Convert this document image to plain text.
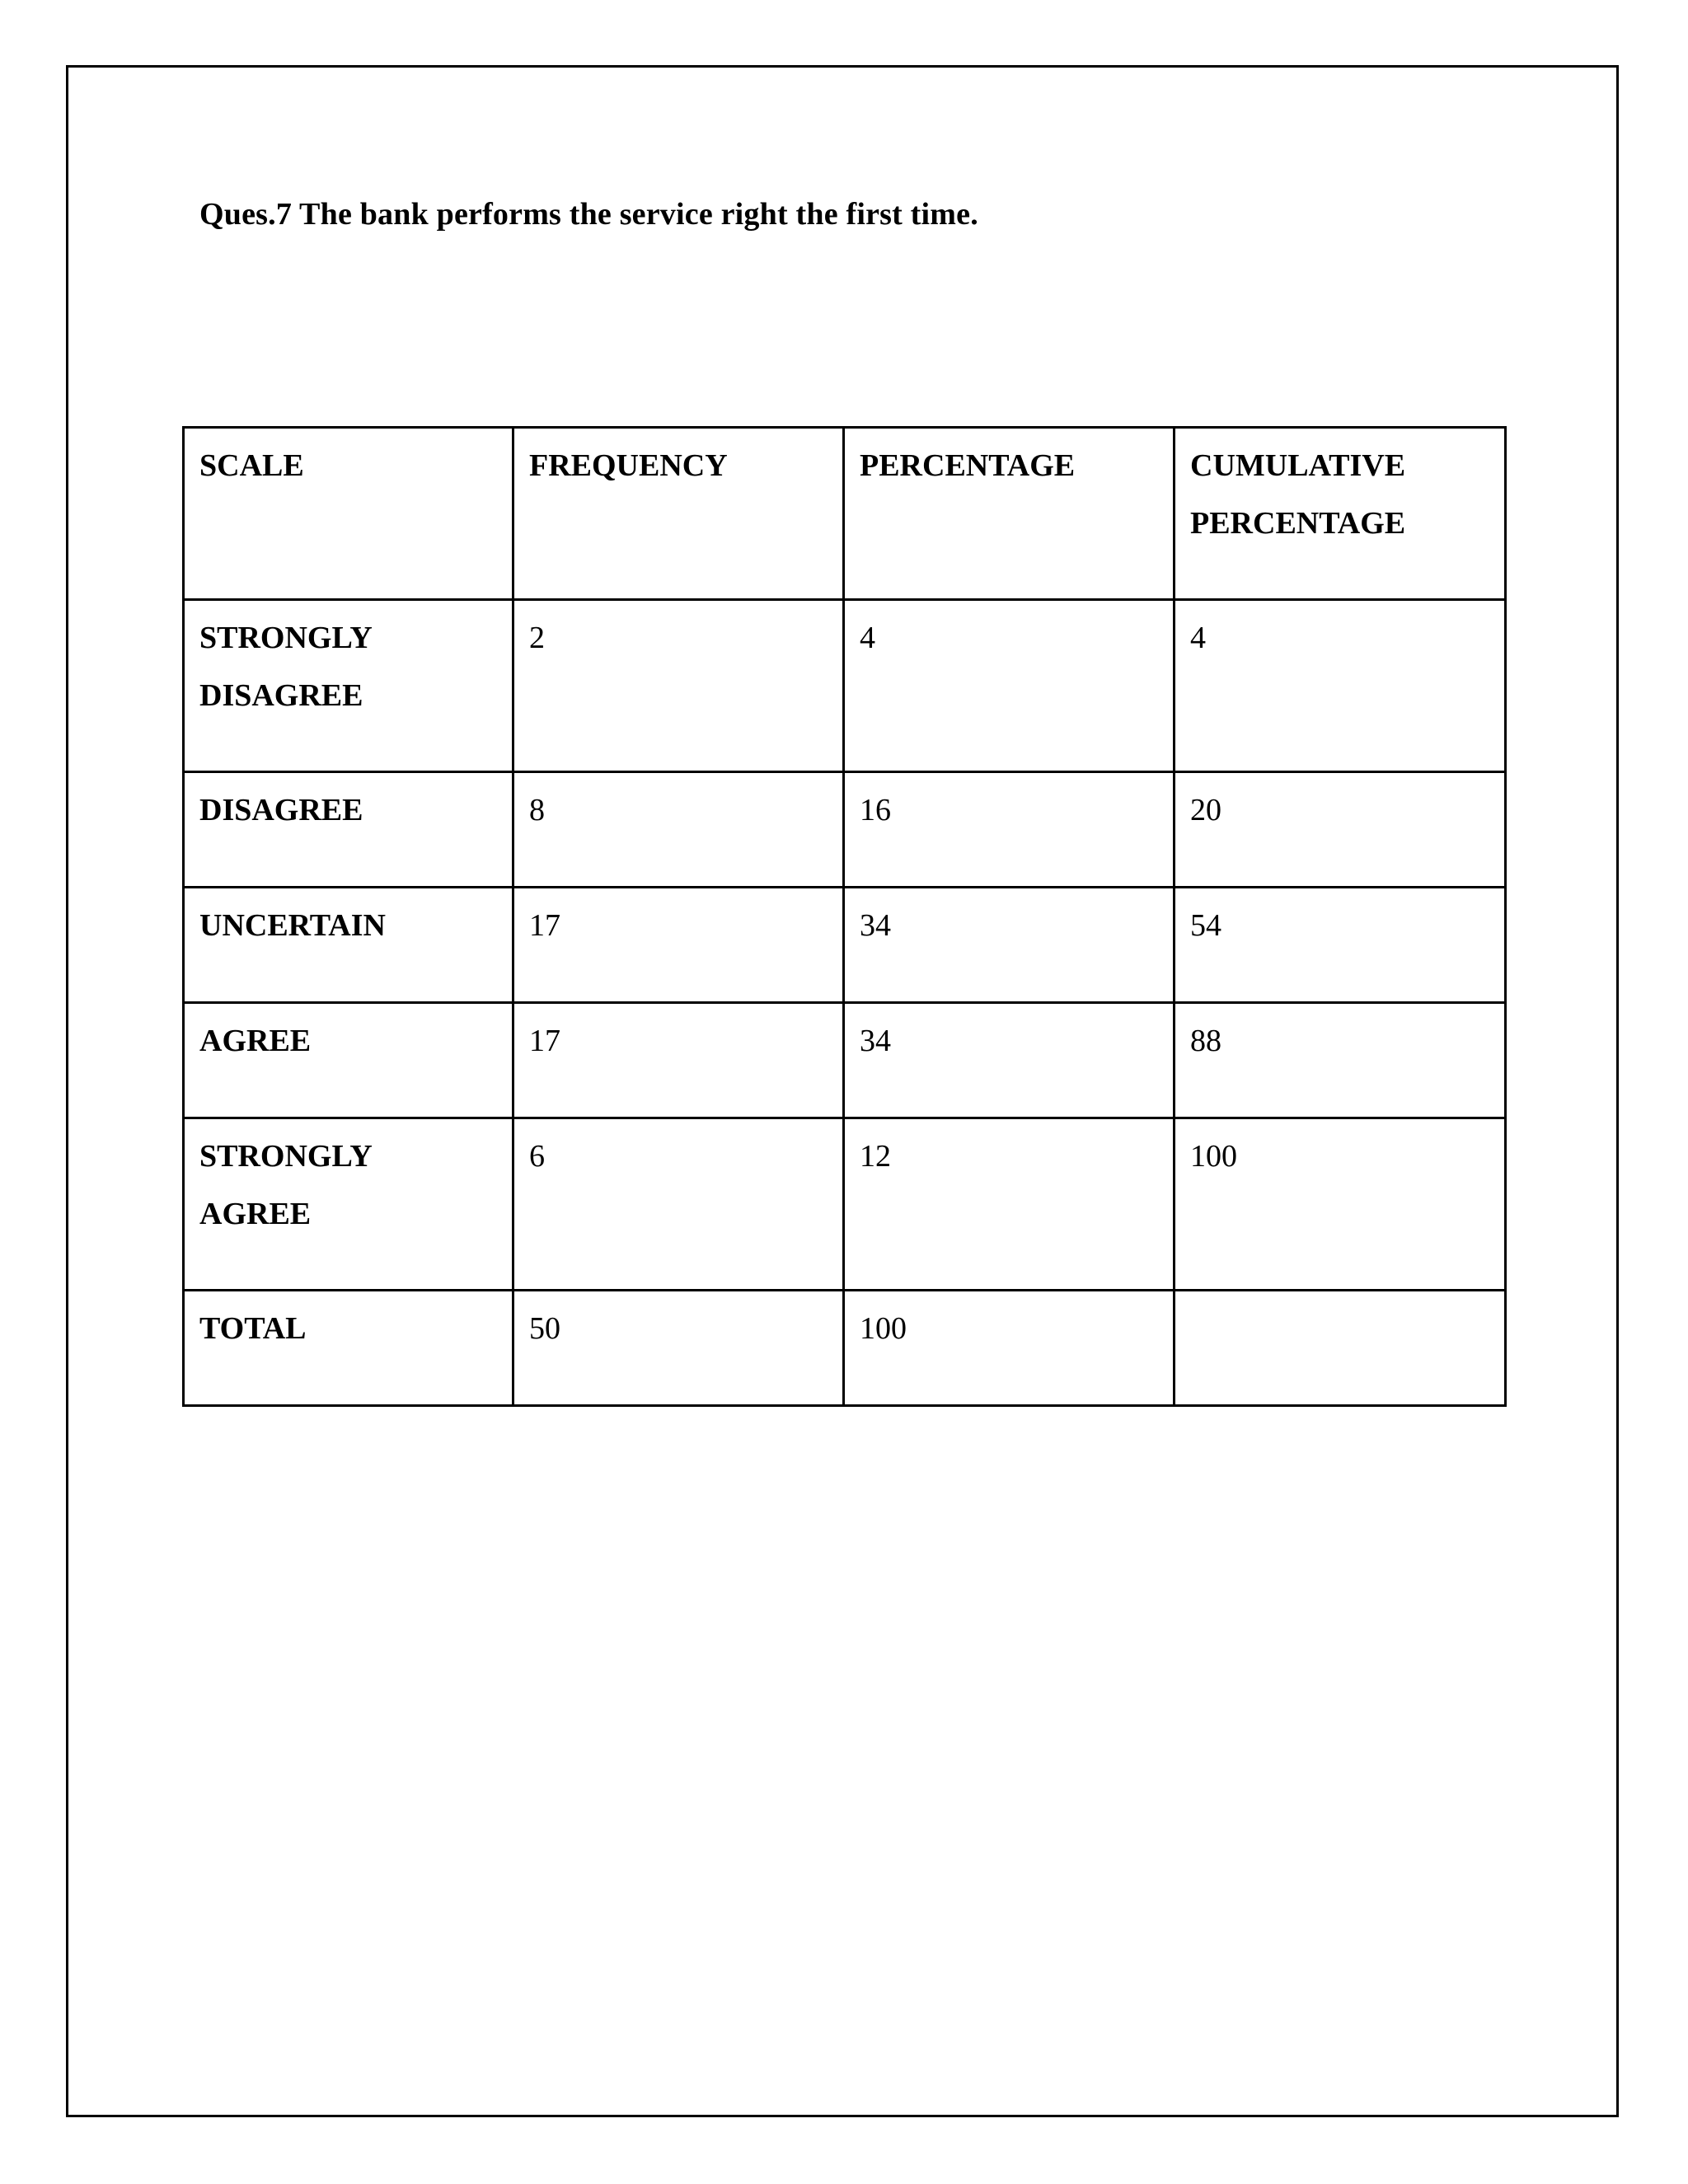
Ques.7 The bank performs the service right the first time.
SCALE	FREQUENCY	PERCENTAGE	CUMULATIVE
PERCENTAGE

STRONGLY
DISAGREE	2	4	4

DISAGREE	8	16	20

UNCERTAIN	17	34	54

AGREE	17	34	88

STRONGLY
AGREE	6	12	100

TOTAL	50	100	
